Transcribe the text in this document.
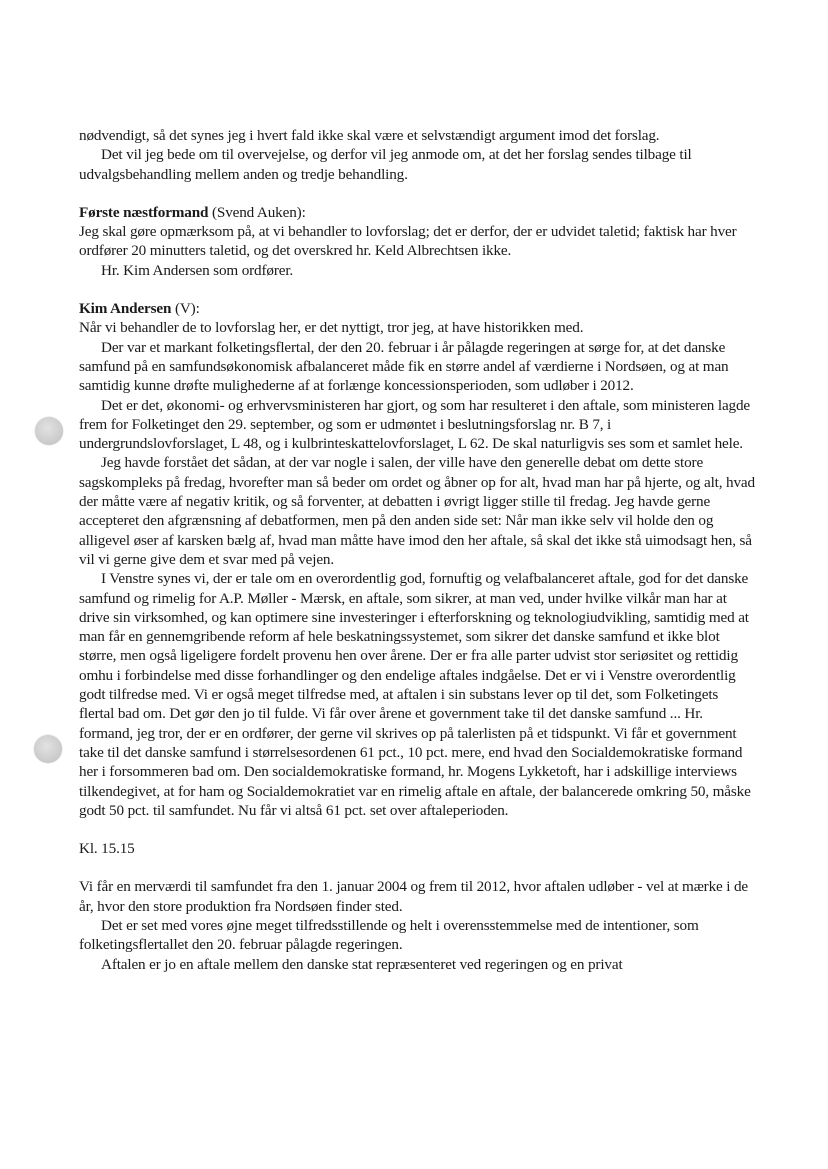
nødvendigt, så det synes jeg i hvert fald ikke skal være et selvstændigt argument imod det forslag.

Det vil jeg bede om til overvejelse, og derfor vil jeg anmode om, at det her forslag sendes tilbage til udvalgsbehandling mellem anden og tredje behandling.

Første næstformand (Svend Auken):

Jeg skal gøre opmærksom på, at vi behandler to lovforslag; det er derfor, der er udvidet taletid; faktisk har hver ordfører 20 minutters taletid, og det overskred hr. Keld Albrechtsen ikke.

Hr. Kim Andersen som ordfører.

Kim Andersen (V):

Når vi behandler de to lovforslag her, er det nyttigt, tror jeg, at have historikken med.

Der var et markant folketingsflertal, der den 20. februar i år pålagde regeringen at sørge for, at det danske samfund på en samfundsøkonomisk afbalanceret måde fik en større andel af værdierne i Nordsøen, og at man samtidig kunne drøfte mulighederne af at forlænge koncessionsperioden, som udløber i 2012.

Det er det, økonomi- og erhvervsministeren har gjort, og som har resulteret i den aftale, som ministeren lagde frem for Folketinget den 29. september, og som er udmøntet i beslutningsforslag nr. B 7, i undergrundslovforslaget, L 48, og i kulbrinteskattelovforslaget, L 62. De skal naturligvis ses som et samlet hele.

Jeg havde forstået det sådan, at der var nogle i salen, der ville have den generelle debat om dette store sagskompleks på fredag, hvorefter man så beder om ordet og åbner op for alt, hvad man har på hjerte, og alt, hvad der måtte være af negativ kritik, og så forventer, at debatten i øvrigt ligger stille til fredag. Jeg havde gerne accepteret den afgrænsning af debatformen, men på den anden side set: Når man ikke selv vil holde den og alligevel øser af karsken bælg af, hvad man måtte have imod den her aftale, så skal det ikke stå uimodsagt hen, så vil vi gerne give dem et svar med på vejen.

I Venstre synes vi, der er tale om en overordentlig god, fornuftig og velafbalanceret aftale, god for det danske samfund og rimelig for A.P. Møller - Mærsk, en aftale, som sikrer, at man ved, under hvilke vilkår man har at drive sin virksomhed, og kan optimere sine investeringer i efterforskning og teknologiudvikling, samtidig med at man får en gennemgribende reform af hele beskatningssystemet, som sikrer det danske samfund et ikke blot større, men også ligeligere fordelt provenu hen over årene. Der er fra alle parter udvist stor seriøsitet og rettidig omhu i forbindelse med disse forhandlinger og den endelige aftales indgåelse. Det er vi i Venstre overordentlig godt tilfredse med. Vi er også meget tilfredse med, at aftalen i sin substans lever op til det, som Folketingets flertal bad om. Det gør den jo til fulde. Vi får over årene et government take til det danske samfund ... Hr. formand, jeg tror, der er en ordfører, der gerne vil skrives op på talerlisten på et tidspunkt. Vi får et government take til det danske samfund i størrelsesordenen 61 pct., 10 pct. mere, end hvad den Socialdemokratiske formand her i forsommeren bad om. Den socialdemokratiske formand, hr. Mogens Lykketoft, har i adskillige interviews tilkendegivet, at for ham og Socialdemokratiet var en rimelig aftale en aftale, der balancerede omkring 50, måske godt 50 pct. til samfundet. Nu får vi altså 61 pct. set over aftaleperioden.

Kl. 15.15

Vi får en merværdi til samfundet fra den 1. januar 2004 og frem til 2012, hvor aftalen udløber - vel at mærke i de år, hvor den store produktion fra Nordsøen finder sted.

Det er set med vores øjne meget tilfredsstillende og helt i overensstemmelse med de intentioner, som folketingsflertallet den 20. februar pålagde regeringen.

Aftalen er jo en aftale mellem den danske stat repræsenteret ved regeringen og en privat
